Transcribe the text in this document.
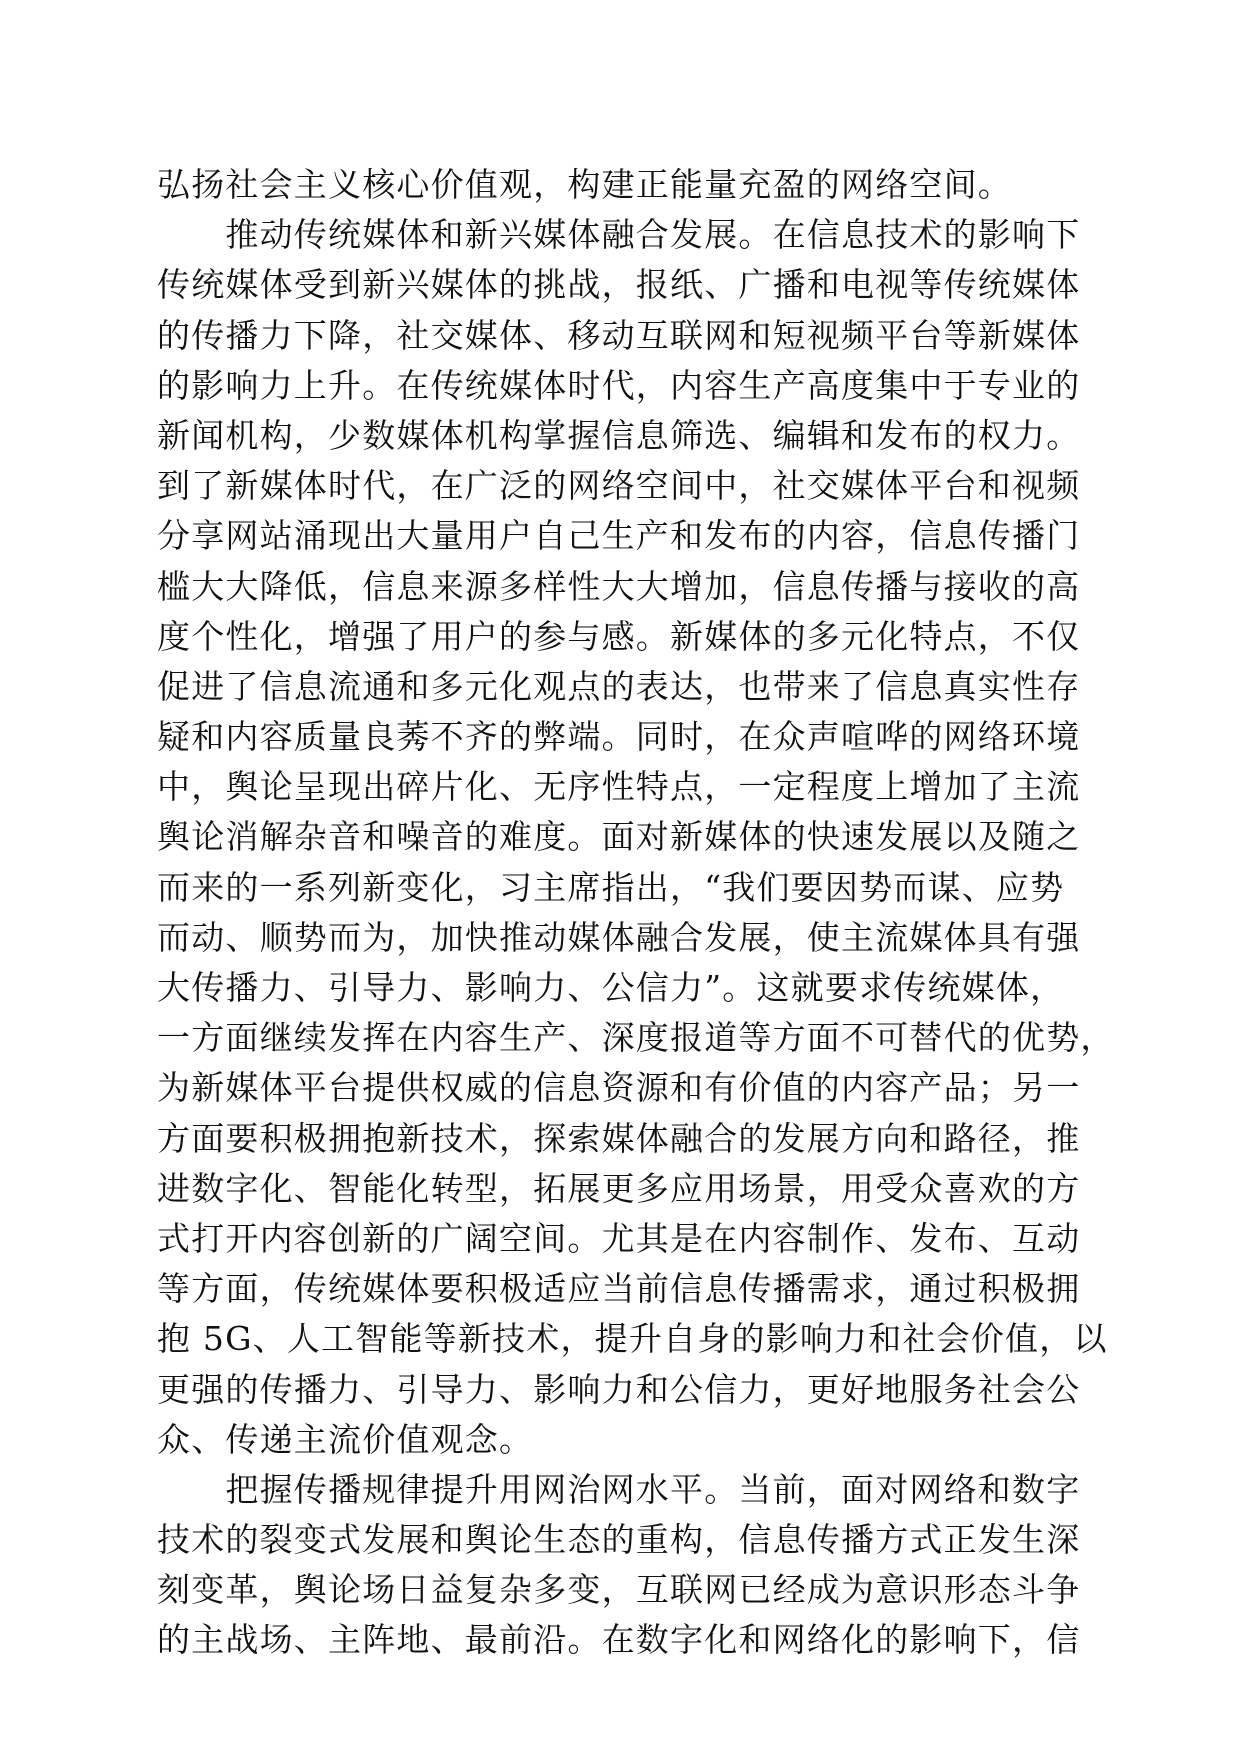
弘扬社会主义核心价值观，构建正能量充盈的网络空间。
　　推动传统媒体和新兴媒体融合发展。在信息技术的影响下
传统媒体受到新兴媒体的挑战，报纸、广播和电视等传统媒体
的传播力下降，社交媒体、移动互联网和短视频平台等新媒体
的影响力上升。在传统媒体时代，内容生产高度集中于专业的
新闻机构，少数媒体机构掌握信息筛选、编辑和发布的权力。
到了新媒体时代，在广泛的网络空间中，社交媒体平台和视频
分享网站涌现出大量用户自己生产和发布的内容，信息传播门
槛大大降低，信息来源多样性大大增加，信息传播与接收的高
度个性化，增强了用户的参与感。新媒体的多元化特点，不仅
促进了信息流通和多元化观点的表达，也带来了信息真实性存
疑和内容质量良莠不齐的弊端。同时，在众声喧哗的网络环境
中，舆论呈现出碎片化、无序性特点，一定程度上增加了主流
舆论消解杂音和噪音的难度。面对新媒体的快速发展以及随之
而来的一系列新变化，习主席指出，“我们要因势而谋、应势
而动、顺势而为，加快推动媒体融合发展，使主流媒体具有强
大传播力、引导力、影响力、公信力”。这就要求传统媒体，
一方面继续发挥在内容生产、深度报道等方面不可替代的优势，
为新媒体平台提供权威的信息资源和有价值的内容产品；另一
方面要积极拥抱新技术，探索媒体融合的发展方向和路径，推
进数字化、智能化转型，拓展更多应用场景，用受众喜欢的方
式打开内容创新的广阔空间。尤其是在内容制作、发布、互动
等方面，传统媒体要积极适应当前信息传播需求，通过积极拥
抱 5G、人工智能等新技术，提升自身的影响力和社会价值，以
更强的传播力、引导力、影响力和公信力，更好地服务社会公
众、传递主流价值观念。
　　把握传播规律提升用网治网水平。当前，面对网络和数字
技术的裂变式发展和舆论生态的重构，信息传播方式正发生深
刻变革，舆论场日益复杂多变，互联网已经成为意识形态斗争
的主战场、主阵地、最前沿。在数字化和网络化的影响下，信
